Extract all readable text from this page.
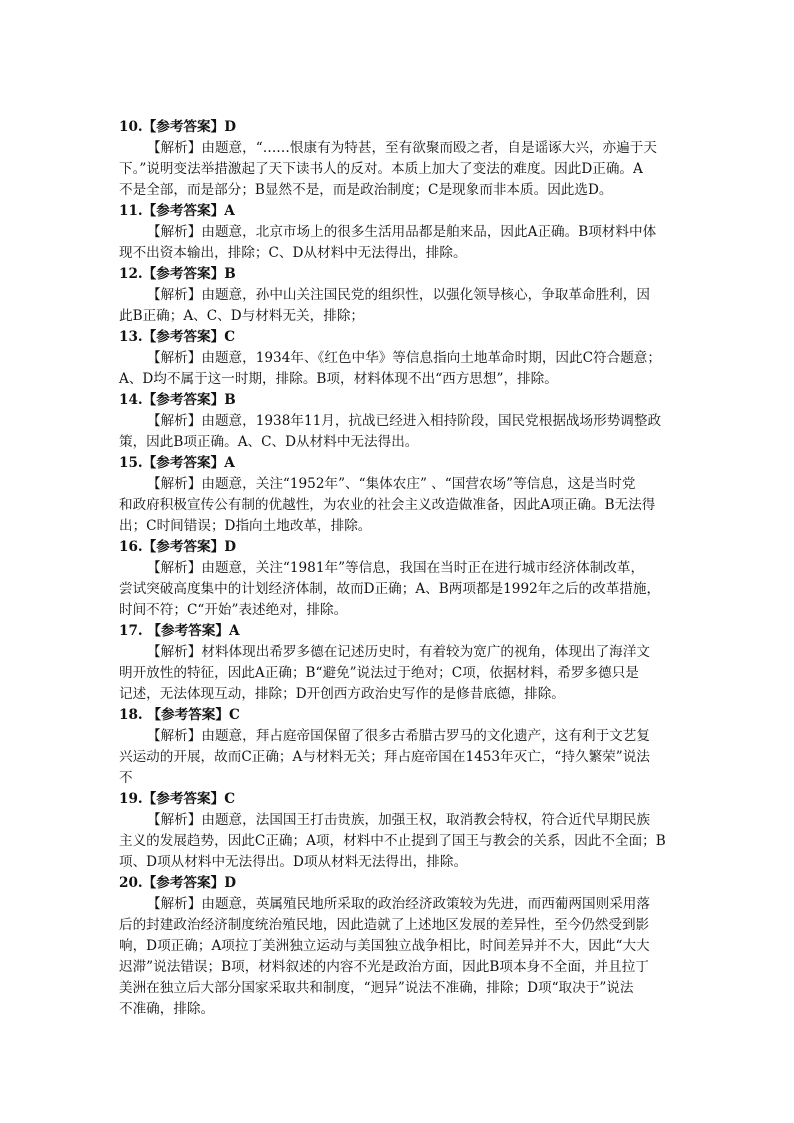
10.【参考答案】D
【解析】由题意，“……恨康有为特甚，至有欲聚而殴之者，自是谣诼大兴，亦遍于天
下。”说明变法举措激起了天下读书人的反对。本质上加大了变法的难度。因此D正确。A
不是全部，而是部分；B显然不是，而是政治制度；C是现象而非本质。因此选D。
11.【参考答案】A
【解析】由题意，北京市场上的很多生活用品都是舶来品，因此A正确。B项材料中体
现不出资本输出，排除；C、D从材料中无法得出，排除。
12.【参考答案】B
【解析】由题意，孙中山关注国民党的组织性，以强化领导核心，争取革命胜利，因
此B正确；A、C、D与材料无关，排除；
13.【参考答案】C
【解析】由题意，1934年、《红色中华》等信息指向土地革命时期，因此C符合题意；
A、D均不属于这一时期，排除。B项，材料体现不出“西方思想”，排除。
14.【参考答案】B
【解析】由题意，1938年11月，抗战已经进入相持阶段，国民党根据战场形势调整政
策，因此B项正确。A、C、D从材料中无法得出。
15.【参考答案】A
【解析】由题意，关注“1952年”、“集体农庄” 、“国营农场”等信息，这是当时党
和政府积极宣传公有制的优越性，为农业的社会主义改造做准备，因此A项正确。B无法得
出；C时间错误；D指向土地改革，排除。
16.【参考答案】D
【解析】由题意，关注“1981年”等信息，我国在当时正在进行城市经济体制改革，
尝试突破高度集中的计划经济体制，故而D正确；A、B两项都是1992年之后的改革措施，
时间不符；C“开始”表述绝对，排除。
17. 【参考答案】A
【解析】材料体现出希罗多德在记述历史时，有着较为宽广的视角，体现出了海洋文
明开放性的特征，因此A正确；B“避免”说法过于绝对；C项，依据材料，希罗多德只是
记述，无法体现互动，排除；D开创西方政治史写作的是修昔底德，排除。
18. 【参考答案】C
【解析】由题意，拜占庭帝国保留了很多古希腊古罗马的文化遗产，这有利于文艺复
兴运动的开展，故而C正确；A与材料无关；拜占庭帝国在1453年灭亡，“持久繁荣”说法
不
19.【参考答案】C
【解析】由题意，法国国王打击贵族，加强王权，取消教会特权，符合近代早期民族
主义的发展趋势，因此C正确；A项，材料中不止提到了国王与教会的关系，因此不全面；B
项、D项从材料中无法得出。D项从材料无法得出，排除。
20.【参考答案】D
【解析】由题意，英属殖民地所采取的政治经济政策较为先进，而西葡两国则采用落
后的封建政治经济制度统治殖民地，因此造就了上述地区发展的差异性，至今仍然受到影
响，D项正确；A项拉丁美洲独立运动与美国独立战争相比，时间差异并不大，因此“大大
迟滞”说法错误；B项，材料叙述的内容不光是政治方面，因此B项本身不全面，并且拉丁
美洲在独立后大部分国家采取共和制度，“迥异”说法不准确，排除；D项“取决于”说法
不准确，排除。
